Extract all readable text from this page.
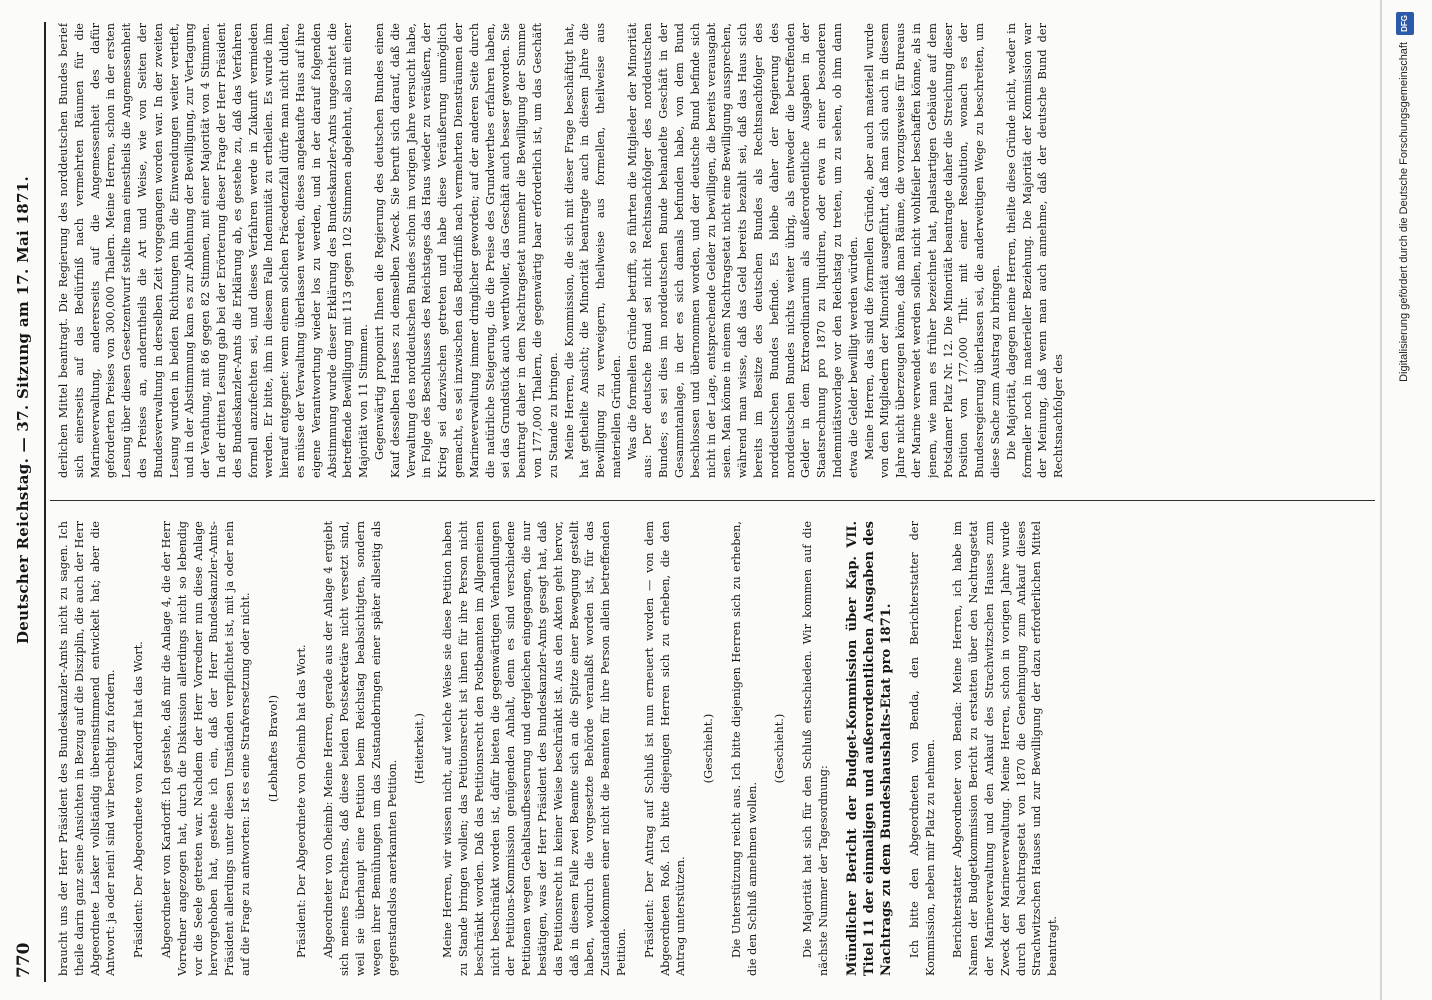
770
Deutscher Reichstag. — 37. Sitzung am 17. Mai 1871.

braucht uns der Herr Präsident des Bundeskanzler-Amts nicht zu sagen. Ich theile darin ganz seine Ansichten in Bezug auf die Disziplin, die auch der Herr Abgeordnete Lasker vollständig übereinstimmend entwickelt hat; aber die Antwort: ja oder nein! sind wir berechtigt zu fordern. Präsident: Der Abgeordnete von Kardorff hat das Wort. Abgeordneter von Kardorff: Ich gestehe, daß mir die Anlage 4, die der Herr Vorredner angezogen hat, durch die Diskussion allerdings nicht so lebendig vor die Seele getreten war. Nachdem der Herr Vorredner nun diese Anlage hervorgehoben hat, gestehe ich ein, daß der Herr Bundeskanzler-Amts-Präsident allerdings unter diesen Umständen verpflichtet ist, mit ja oder nein auf die Frage zu antworten: Ist es eine Strafversetzung oder nicht. (Lebhaftes Bravo!) Präsident: Der Abgeordnete von Oheimb hat das Wort. Abgeordneter von Oheimb: Meine Herren, gerade aus der Anlage 4 ergiebt sich meines Erachtens, daß diese beiden Postsekretäre nicht versetzt sind, weil sie überhaupt eine Petition beim Reichstag beabsichtigten, sondern wegen ihrer Bemühungen um das Zustandebringen einer später allseitig als gegenstandslos anerkannten Petition.

(Heiterkeit.) Meine Herren, wir wissen nicht, auf welche Weise sie diese Petition haben zu Stande bringen wollen; das Petitionsrecht ist ihnen für ihre Person nicht beschränkt worden. Daß das Petitionsrecht den Postbeamten im Allgemeinen nicht beschränkt worden ist, dafür bieten die gegenwärtigen Verhandlungen der Petitions-Kommission genügenden Anhalt, denn es sind verschiedene Petitionen wegen Gehaltsaufbesserung und dergleichen eingegangen, die nur bestätigen, was der Herr Präsident des Bundeskanzler-Amts gesagt hat, daß das Petitionsrecht in keiner Weise beschränkt ist. Aus den Akten geht hervor, daß in diesem Falle zwei Beamte sich an die Spitze einer Bewegung gestellt haben, wodurch die vorgesetzte Behörde veranlaßt worden ist, für das Zustandekommen einer nicht die Beamten für ihre Person allein betreffenden Petition. Präsident: Der Antrag auf Schluß ist nun erneuert worden — von dem Abgeordneten Roß. Ich bitte diejenigen Herren sich zu erheben, die den Antrag unterstützen.

(Geschieht.) Die Unterstützung reicht aus. Ich bitte diejenigen Herren sich zu erheben, die den Schluß annehmen wollen.

(Geschieht.) Die Majorität hat sich für den Schluß entschieden. Wir kommen auf die nächste Nummer der Tagesordnung: Mündlicher Bericht der Budget-Kommission über Kap. VII. Titel 11 der einmaligen und außerordentlichen Ausgaben des Nachtrags zu dem Bundeshaushalts-Etat pro 1871. Ich bitte den Abgeordneten von Benda, den Berichterstatter der Kommission, neben mir Platz zu nehmen. Berichterstatter Abgeordneter von Benda: Meine Herren, ich habe im Namen der Budgetkommission Bericht zu erstatten über den Nachtragsetat der Marineverwaltung und den Ankauf des Strachwitzschen Hauses zum Zweck der Marineverwaltung. Meine Herren, schon in vorigen Jahre wurde durch den Nachtragsetat von 1870 die Genehmigung zum Ankauf dieses Strachwitzschen Hauses und zur Bewilligung der dazu erforderlichen Mittel beantragt.

derlichen Mittel beantragt. Die Regierung des norddeutschen Bundes berief sich einerseits auf das Bedürfniß nach vermehrten Räumen für die Marineverwaltung, andererseits auf die Angemessenheit des dafür geforderten Preises von 300,000 Thalern. Meine Herren, schon in der ersten Lesung über diesen Gesetzentwurf stellte man einestheils die Angemessenheit des Preises an, anderntheils die Art und Weise, wie von Seiten der Bundesverwaltung in derselben Zeit vorgegangen worden war. In der zweiten Lesung wurden in beiden Richtungen hin die Einwendungen weiter vertieft, und in der Abstimmung kam es zur Ablehnung der Bewilligung, zur Vertagung der Verathung, mit 86 gegen 82 Stimmen, mit einer Majorität von 4 Stimmen. In der dritten Lesung gab bei der Erörterung dieser Frage der Herr Präsident des Bundeskanzler-Amts die Erklärung ab, es gestehe zu, daß das Verfahren formell anzufechten sei, und dieses Verfahren werde in Zukunft vermieden werden. Er bitte, ihm in diesem Falle Indemnität zu ertheilen. Es wurde ihm hierauf entgegnet: wenn einem solchen Präcedenzfall dürfe man nicht dulden, es müsse der Verwaltung überlassen werden, dieses angekaufte Haus auf ihre eigene Verantwortung wieder los zu werden, und in der darauf folgenden Abstimmung wurde dieser Erklärung des Bundeskanzler-Amts ungeachtet die betreffende Bewilligung mit 113 gegen 102 Stimmen abgelehnt, also mit einer Majorität von 11 Stimmen. Gegenwärtig proponirt Ihnen die Regierung des deutschen Bundes einen Kauf desselben Hauses zu demselben Zweck. Sie beruft sich darauf, daß die Verwaltung des norddeutschen Bundes schon im vorigen Jahre versucht habe, in Folge des Beschlusses des Reichstages das Haus wieder zu veräußern, der Krieg sei dazwischen getreten und habe diese Veräußerung unmöglich gemacht, es sei inzwischen das Bedürfniß nach vermehrten Diensträumen der Marineverwaltung immer dringlicher geworden; auf der anderen Seite durch die natürliche Steigerung, die die Preise des Grundwerthes erfahren haben, sei das Grundstück auch werthvoller, das Geschäft auch besser geworden. Sie beantragt daher in dem Nachtragsetat nunmehr die Bewilligung der Summe von 177,000 Thalern, die gegenwärtig baar erforderlich ist, um das Geschäft zu Stande zu bringen. Meine Herren, die Kommission, die sich mit dieser Frage beschäftigt hat, hat getheilte Ansicht; die Minorität beantragte auch in diesem Jahre die Bewilligung zu verweigern, theilweise aus formellen, theilweise aus materiellen Gründen. Was die formellen Gründe betrifft, so führten die Mitglieder der Minorität aus: Der deutsche Bund sei nicht Rechtsnachfolger des norddeutschen Bundes; es sei dies im norddeutschen Bunde behandelte Geschäft in der Gesammtanlage, in der es sich damals befunden habe, von dem Bund beschlossen und übernommen worden, und der deutsche Bund befinde sich nicht in der Lage, entsprechende Gelder zu bewilligen, die bereits verausgabt seien. Man könne in einem Nachtragsetat nicht eine Bewilligung aussprechen, während man wisse, daß das Geld bereits bezahlt sei, daß das Haus sich bereits im Besitze des deutschen Bundes als Rechtsnachfolger des norddeutschen Bundes befinde. Es bleibe daher der Regierung des norddeutschen Bundes nichts weiter übrig, als entweder die betreffenden Gelder in dem Extraordinarium als außerordentliche Ausgaben in der Staatsrechnung pro 1870 zu liquidiren, oder etwa in einer besonderen Indemnitätsvorlage vor den Reichstag zu treten, um zu sehen, ob ihm dann etwa die Gelder bewilligt werden würden. Meine Herren, das sind die formellen Gründe, aber auch materiell wurde von den Mitgliedern der Minorität ausgeführt, daß man sich auch in diesem Jahre nicht überzeugen könne, daß man Räume, die vorzugsweise für Bureaus der Marine verwendet werden sollen, nicht wohlfeiler beschaffen könne, als in jenem, wie man es früher bezeichnet hat, palastartigen Gebäude auf dem Potsdamer Platz Nr. 12. Die Minorität beantragte daher die Streichung dieser Position von 177,000 Thlr. mit einer Resolution, wonach es der Bundesregierung überlassen sei, die anderweitigen Wege zu beschreiten, um diese Sache zum Austrag zu bringen. Die Majorität, dagegen meine Herren, theilte diese Gründe nicht, weder in formeller noch in materieller Beziehung. Die Majorität der Kommission war der Meinung, daß wenn man auch annehme, daß der deutsche Bund der Rechtsnachfolger des

Digitalisierung gefördert durch die Deutsche Forschungsgemeinschaft DFG
